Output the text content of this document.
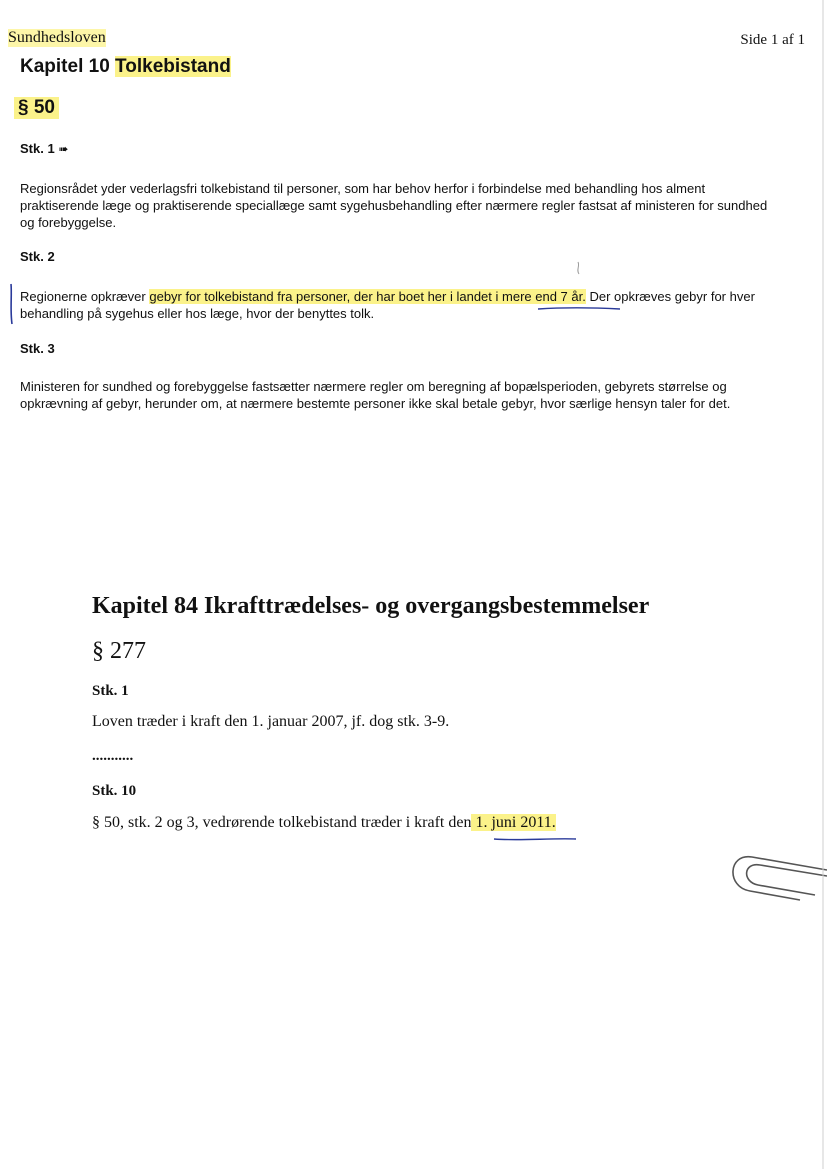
Sundhedsloven	Side 1 af 1
Kapitel 10 Tolkebistand
§ 50
Stk. 1 ➠
Regionsrådet yder vederlagsfri tolkebistand til personer, som har behov herfor i forbindelse med behandling hos alment praktiserende læge og praktiserende speciallæge samt sygehusbehandling efter nærmere regler fastsat af ministeren for sundhed og forebyggelse.
Stk. 2
Regionerne opkræver gebyr for tolkebistand fra personer, der har boet her i landet i mere end 7 år. Der opkræves gebyr for hver behandling på sygehus eller hos læge, hvor der benyttes tolk.
Stk. 3
Ministeren for sundhed og forebyggelse fastsætter nærmere regler om beregning af bopælsperioden, gebyrets størrelse og opkrævning af gebyr, herunder om, at nærmere bestemte personer ikke skal betale gebyr, hvor særlige hensyn taler for det.
Kapitel 84 Ikrafttrædelses- og overgangsbestemmelser
§ 277
Stk. 1
Loven træder i kraft den 1. januar 2007, jf. dog stk. 3-9.
...........
Stk. 10
§ 50, stk. 2 og 3, vedrørende tolkebistand træder i kraft den 1. juni 2011.
